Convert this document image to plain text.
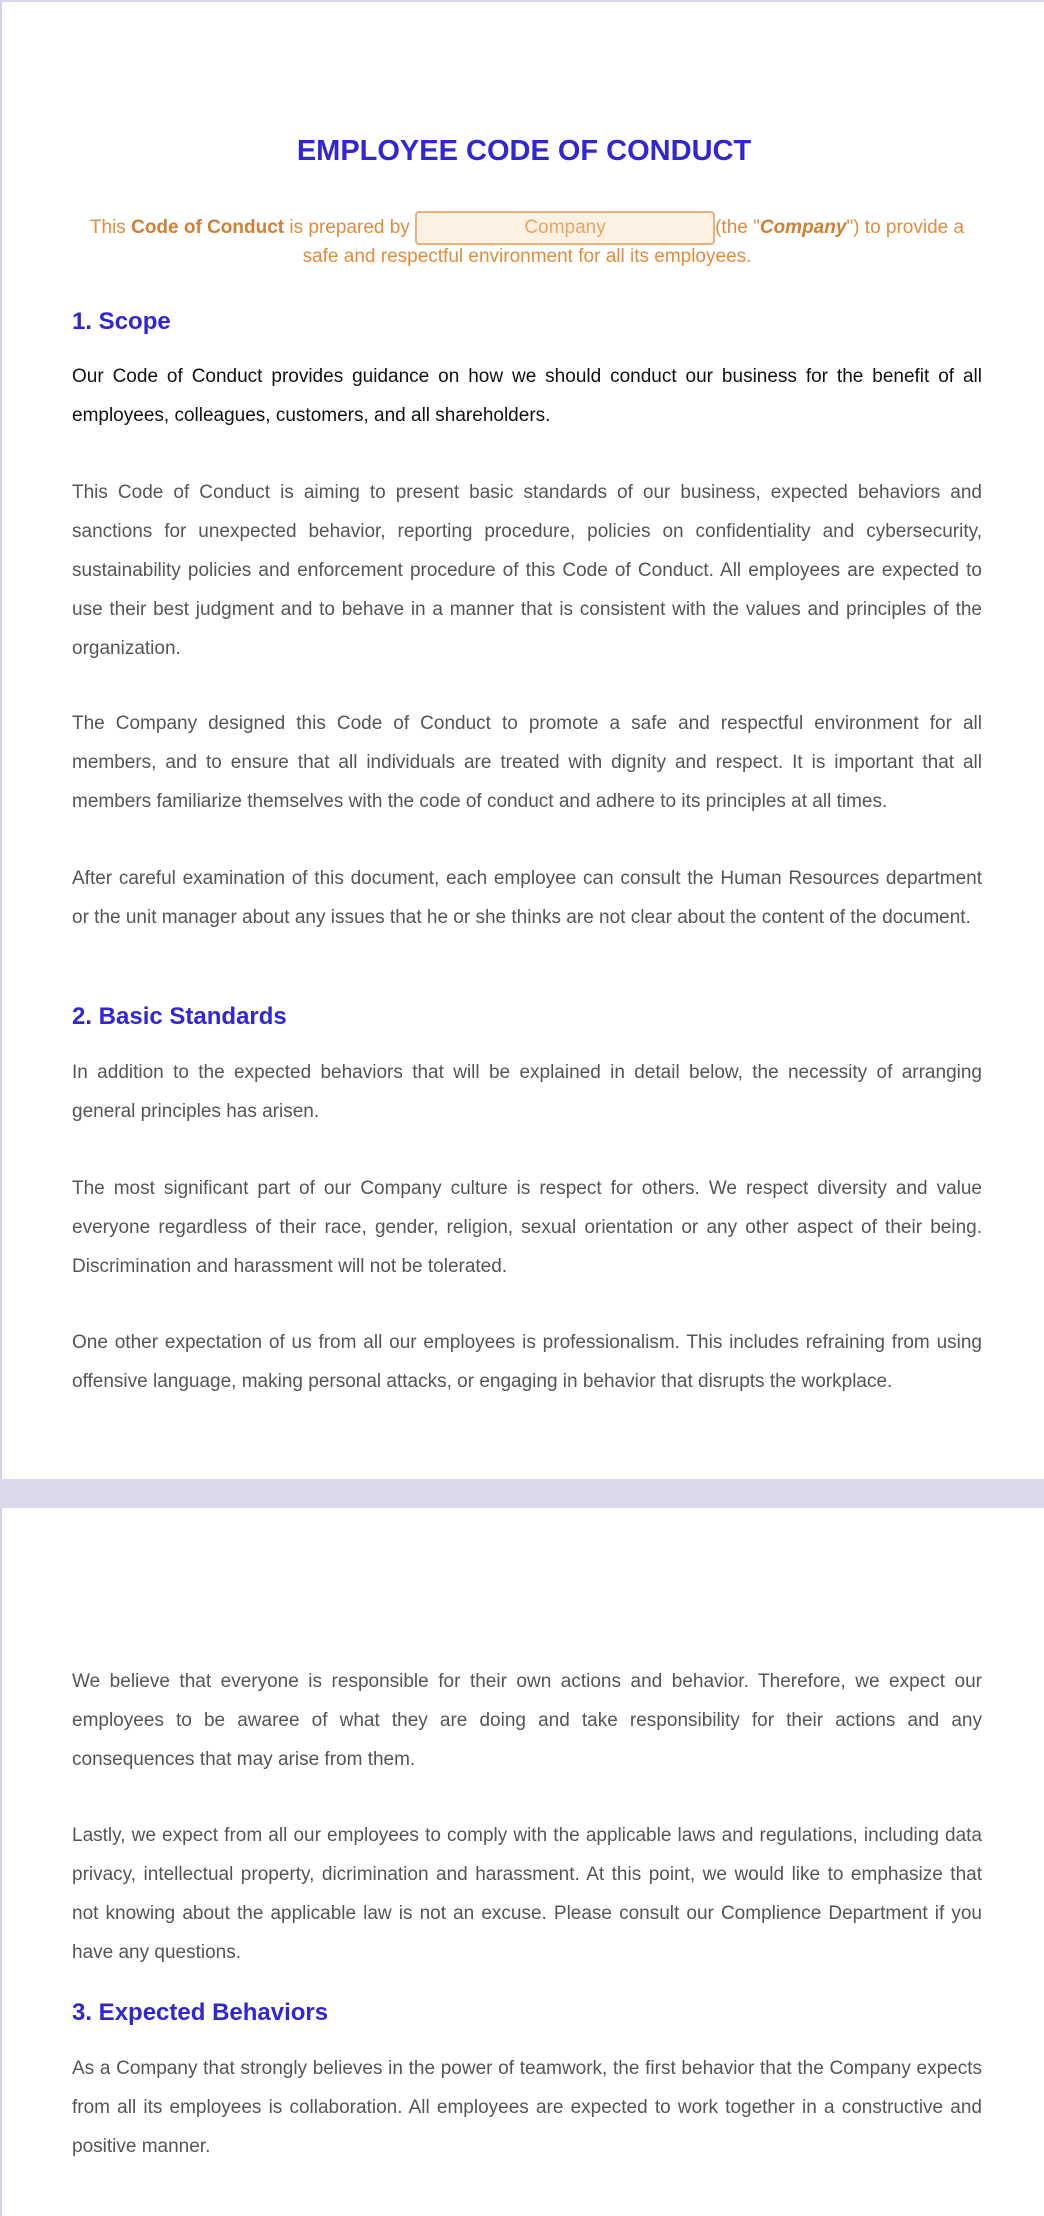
EMPLOYEE CODE OF CONDUCT
This Code of Conduct is prepared by	Company	(the "Company") to provide a safe and respectful environment for all its employees.
1. Scope

Our Code of Conduct provides guidance on how we should conduct our business for the benefit of all employees, colleagues, customers, and all shareholders.

This Code of Conduct is aiming to present basic standards of our business, expected behaviors and sanctions for unexpected behavior, reporting procedure, policies on confidentiality and cybersecurity, sustainability policies and enforcement procedure of this Code of Conduct. All employees are expected to use their best judgment and to behave in a manner that is consistent with the values and principles of the organization.

The Company designed this Code of Conduct to promote a safe and respectful environment for all members, and to ensure that all individuals are treated with dignity and respect. It is important that all members familiarize themselves with the code of conduct and adhere to its principles at all times.

After careful examination of this document, each employee can consult the Human Resources department or the unit manager about any issues that he or she thinks are not clear about the content of the document.

2. Basic Standards

In addition to the expected behaviors that will be explained in detail below, the necessity of arranging general principles has arisen.

The most significant part of our Company culture is respect for others. We respect diversity and value everyone regardless of their race, gender, religion, sexual orientation or any other aspect of their being. Discrimination and harassment will not be tolerated.

One other expectation of us from all our employees is professionalism. This includes refraining from using offensive language, making personal attacks, or engaging in behavior that disrupts the workplace.

We believe that everyone is responsible for their own actions and behavior. Therefore, we expect our employees to be awaree of what they are doing and take responsibility for their actions and any consequences that may arise from them.

Lastly, we expect from all our employees to comply with the applicable laws and regulations, including data privacy, intellectual property, dicrimination and harassment. At this point, we would like to emphasize that not knowing about the applicable law is not an excuse. Please consult our Complience Department if you have any questions.

3. Expected Behaviors

As a Company that strongly believes in the power of teamwork, the first behavior that the Company expects from all its employees is collaboration. All employees are expected to work together in a constructive and positive manner.
